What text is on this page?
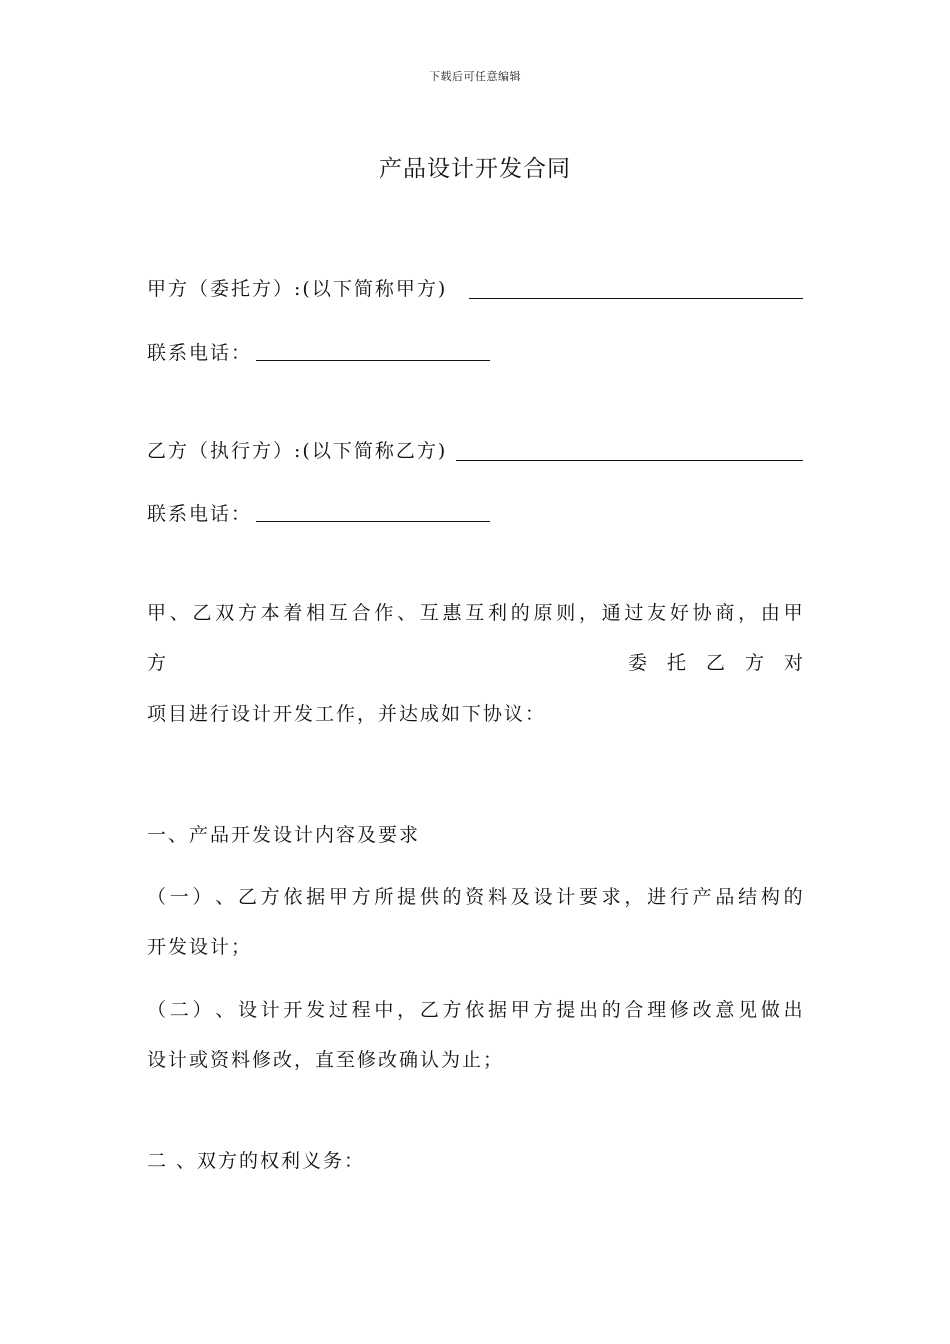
下载后可任意编辑
产品设计开发合同
甲方（委托方）:(以下简称甲方)
联系电话：
乙方（执行方）:(以下简称乙方)
联系电话：
甲 、 乙 双 方 本 着 相 互 合 作 、 互 惠 互 利 的 原 则 ， 通 过 友 好 协 商 ， 由 甲
方	委 托 乙 方 对
项目进行设计开发工作，并达成如下协议：
一、产品开发设计内容及要求
（ 一 ） 、 乙 方 依 据 甲 方 所 提 供 的 资 料 及 设 计 要 求 ， 进 行 产 品 结 构 的
开发设计；
（ 二 ） 、 设 计 开 发 过 程 中 ， 乙 方 依 据 甲 方 提 出 的 合 理 修 改 意 见 做 出
设计或资料修改，直至修改确认为止；
二 、双方的权利义务：
